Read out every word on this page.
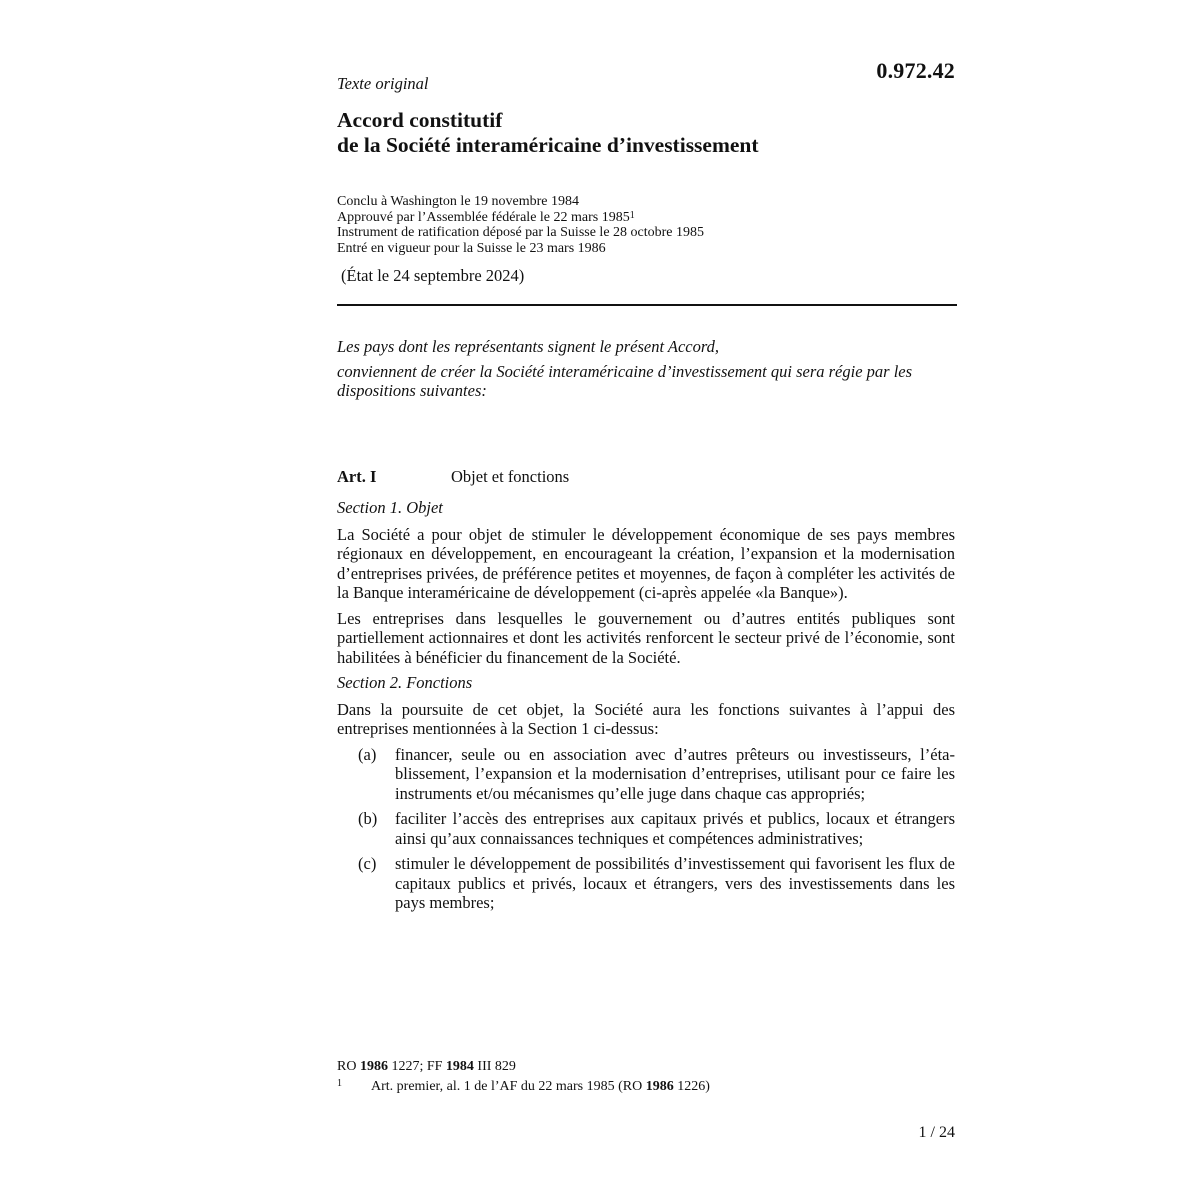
0.972.42
Texte original
Accord constitutif
de la Société interaméricaine d’investissement
Conclu à Washington le 19 novembre 1984
Approuvé par l’Assemblée fédérale le 22 mars 1985$^1$
Instrument de ratification déposé par la Suisse le 28 octobre 1985
Entré en vigueur pour la Suisse le 23 mars 1986
(État le 24 septembre 2024)

Les pays dont les représentants signent le présent Accord,

conviennent de créer la Société interaméricaine d’investissement qui sera régie par les dispositions suivantes:

Art. I	Objet et fonctions

Section 1. Objet

La Société a pour objet de stimuler le développement économique de ses pays membres régionaux en développement, en encourageant la création, l’expansion et la modernisation d’entreprises privées, de préférence petites et moyennes, de façon à compléter les activités de la Banque interaméricaine de développement (ci-après appelée «la Banque»).

Les entreprises dans lesquelles le gouvernement ou d’autres entités publiques sont partiellement actionnaires et dont les activités renforcent le secteur privé de l’économie, sont habilitées à bénéficier du financement de la Société.

Section 2. Fonctions

Dans la poursuite de cet objet, la Société aura les fonctions suivantes à l’appui des entreprises mentionnées à la Section 1 ci-dessus:

(a)	financer, seule ou en association avec d’autres prêteurs ou investisseurs, l’établissement, l’expansion et la modernisation d’entreprises, utilisant pour ce faire les instruments et/ou mécanismes qu’elle juge dans chaque cas appropriés;
(b)	faciliter l’accès des entreprises aux capitaux privés et publics, locaux et étrangers ainsi qu’aux connaissances techniques et compétences administratives;
(c)	stimuler le développement de possibilités d’investissement qui favorisent les flux de capitaux publics et privés, locaux et étrangers, vers des investissements dans les pays membres;
RO 1986 1227; FF 1984 III 829
1	Art. premier, al. 1 de l’AF du 22 mars 1985 (RO 1986 1226)
1 / 24
